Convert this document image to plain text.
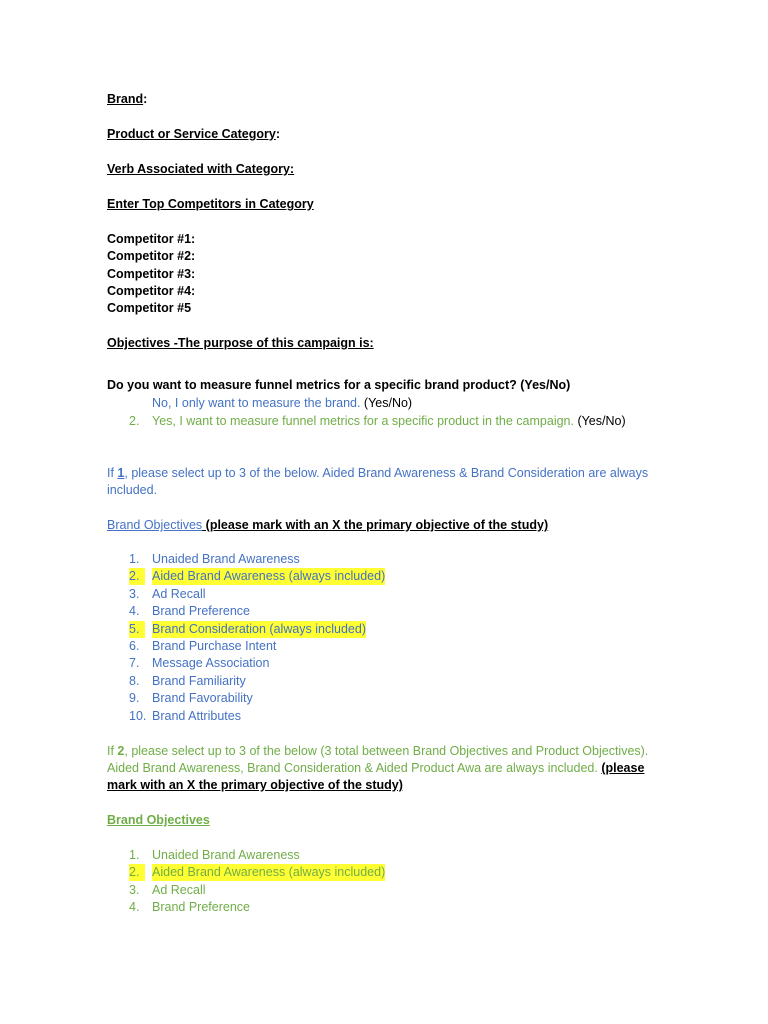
Brand:
Product or Service Category:
Verb Associated with Category:
Enter Top Competitors in Category
Competitor #1:
Competitor #2:
Competitor #3:
Competitor #4:
Competitor #5
Objectives -The purpose of this campaign is:
Do you want to measure funnel metrics for a specific brand product? (Yes/No)
No, I only want to measure the brand. (Yes/No)
2. Yes, I want to measure funnel metrics for a specific product in the campaign. (Yes/No)
If 1, please select up to 3 of the below. Aided Brand Awareness & Brand Consideration are always
included.
Brand Objectives (please mark with an X the primary objective of the study)
1. Unaided Brand Awareness
2.	Aided Brand Awareness (always included)
3. Ad Recall
4. Brand Preference
5.	Brand Consideration (always included)
6. Brand Purchase Intent
7. Message Association
8. Brand Familiarity
9. Brand Favorability
10. Brand Attributes
If 2, please select up to 3 of the below (3 total between Brand Objectives and Product Objectives).
Aided Brand Awareness, Brand Consideration & Aided Product Awa are always included. (please
mark with an X the primary objective of the study)
Brand Objectives
1. Unaided Brand Awareness
2.	Aided Brand Awareness (always included)
3. Ad Recall
4. Brand Preference
